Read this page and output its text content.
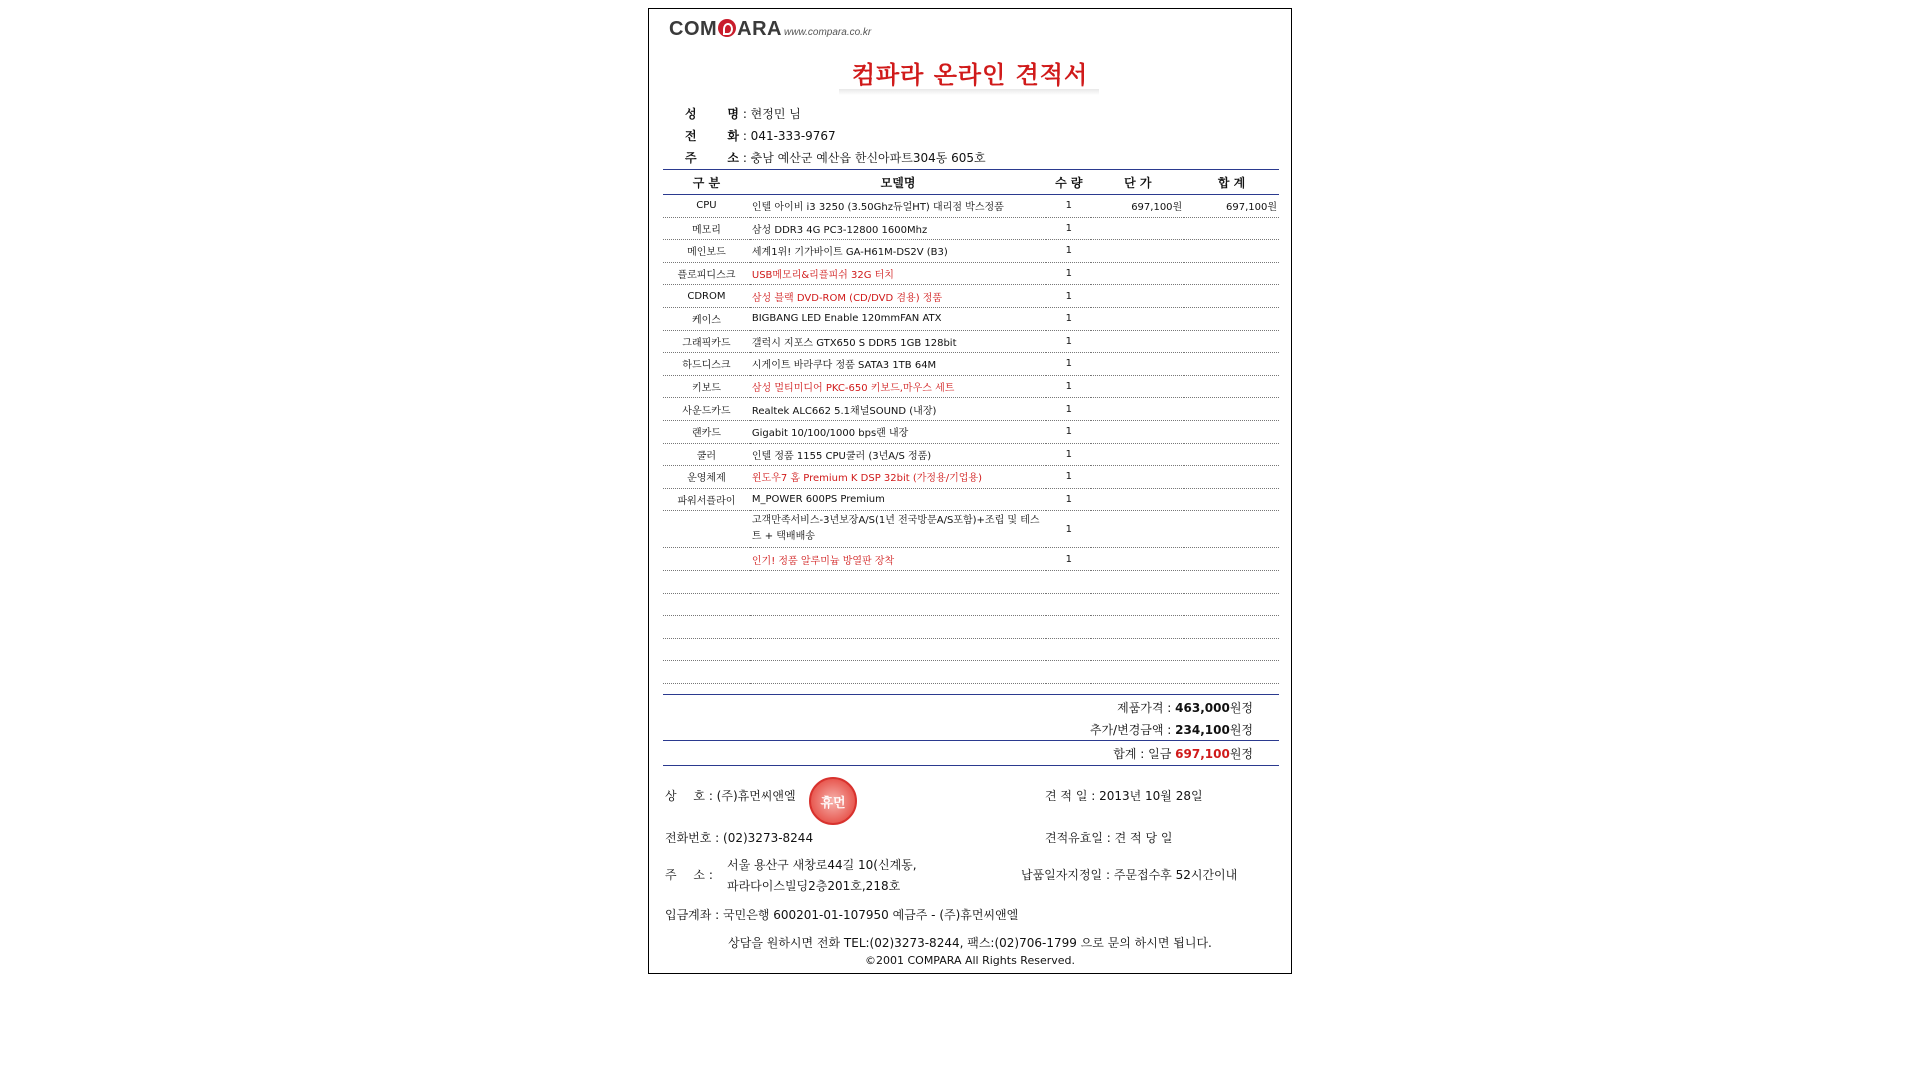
COM ARA www.compara.co.kr
컴파라 온라인 견적서
성	명 : 현정민 님
전	화 : 041-333-9767
주	소 : 충남 예산군 예산읍 한신아파트304동 605호
구 분	모델명	수 량	단 가	합 계
CPU	인텔 아이비 i3 3250 (3.50Ghz듀얼HT) 대리점 박스정품	1	697,100원	697,100원
메모리	삼성 DDR3 4G PC3-12800 1600Mhz	1		
메인보드	세계1위! 기가바이트 GA-H61M-DS2V (B3)	1		
플로피디스크	USB메모리&리플피쉬 32G 터치	1		
CDROM	삼성 블랙 DVD-ROM (CD/DVD 겸용) 정품	1		
케이스	BIGBANG LED Enable 120mmFAN ATX	1		
그래픽카드	갤럭시 지포스 GTX650 S DDR5 1GB 128bit	1		
하드디스크	시게이트 바라쿠다 정품 SATA3 1TB 64M	1		
키보드	삼성 멀티미디어 PKC-650 키보드,마우스 세트	1		
사운드카드	Realtek ALC662 5.1채널SOUND (내장)	1		
랜카드	Gigabit 10/100/1000 bps랜 내장	1		
쿨러	인텔 정품 1155 CPU쿨러 (3년A/S 정품)	1		
운영체제	윈도우7 홈 Premium K DSP 32bit (가정용/기업용)	1		
파워서플라이	M_POWER 600PS Premium	1		
	고객만족서비스-3년보장A/S(1년 전국방문A/S포함)+조립 및 테스트 + 택배배송	1		
	인기! 정품 알루미늄 방열판 장착	1		

제품가격 : 463,000원정
추가/변경금액 : 234,100원정
합계 : 일금 697,100원정
상 호 : (주)휴먼씨앤엘 휴먼	견 적 일 : 2013년 10월 28일
전화번호 : (02)3273-8244	견적유효일 : 견 적 당 일
주 소 :
서울 용산구 새창로44길 10(신계동,
파라다이스빌딩2층201호,218호
납품일자지정일 : 주문접수후 52시간이내
입금계좌 : 국민은행 600201-01-107950 예금주 - (주)휴먼씨앤엘
상담을 원하시면 전화 TEL:(02)3273-8244, 팩스:(02)706-1799 으로 문의 하시면 됩니다.
©2001 COMPARA All Rights Reserved.
